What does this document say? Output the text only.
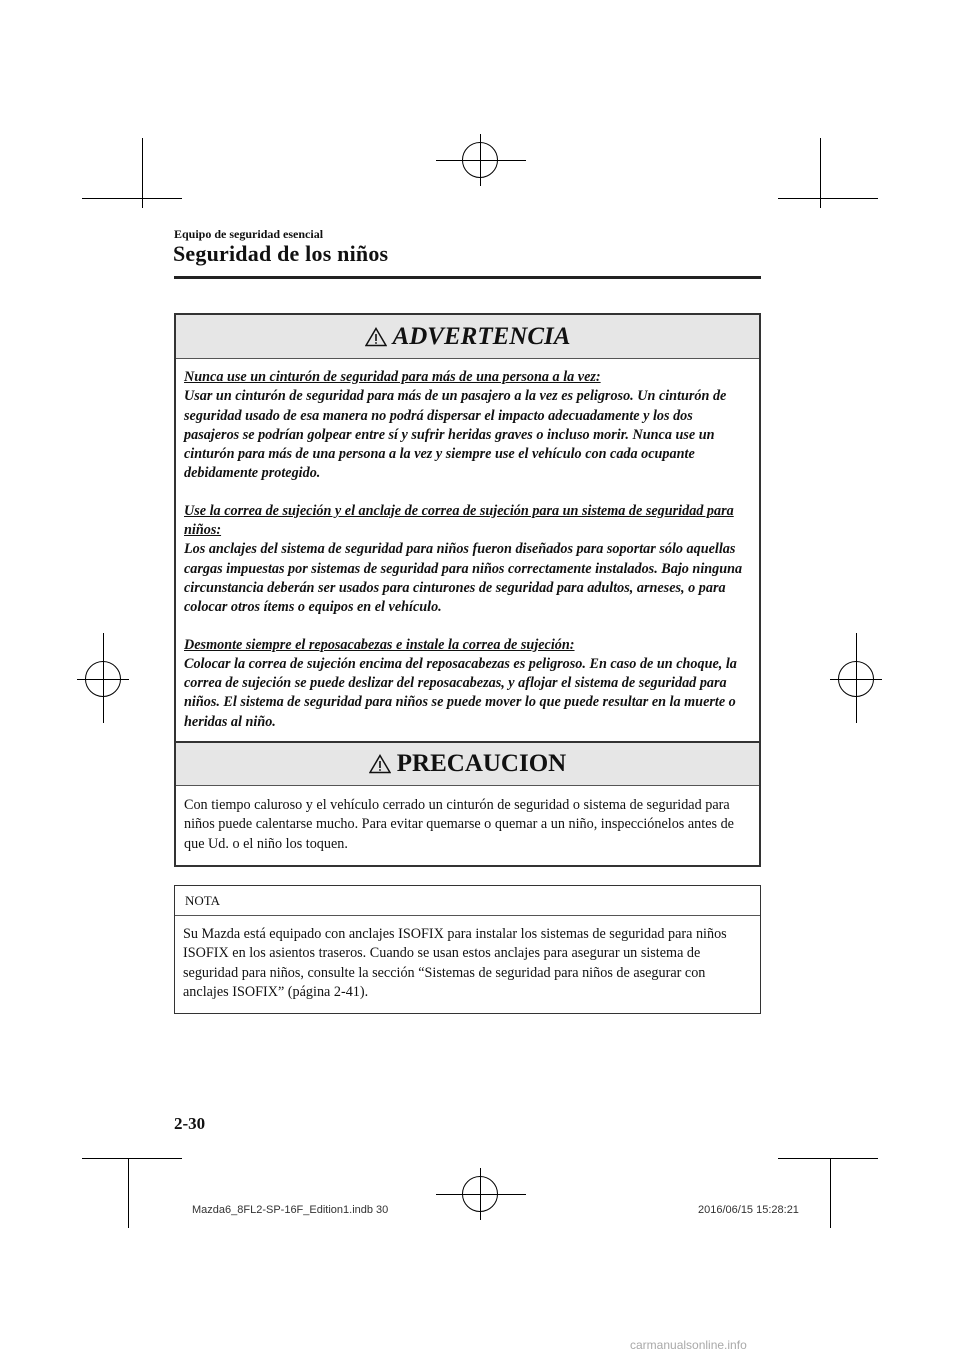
Equipo de seguridad esencial
Seguridad de los niños
ADVERTENCIA
Nunca use un cinturón de seguridad para más de una persona a la vez:
Usar un cinturón de seguridad para más de un pasajero a la vez es peligroso. Un cinturón de seguridad usado de esa manera no podrá dispersar el impacto adecuadamente y los dos pasajeros se podrían golpear entre sí y sufrir heridas graves o incluso morir. Nunca use un cinturón para más de una persona a la vez y siempre use el vehículo con cada ocupante debidamente protegido.
Use la correa de sujeción y el anclaje de correa de sujeción para un sistema de seguridad para niños:
Los anclajes del sistema de seguridad para niños fueron diseñados para soportar sólo aquellas cargas impuestas por sistemas de seguridad para niños correctamente instalados. Bajo ninguna circunstancia deberán ser usados para cinturones de seguridad para adultos, arneses, o para colocar otros ítems o equipos en el vehículo.
Desmonte siempre el reposacabezas e instale la correa de sujeción:
Colocar la correa de sujeción encima del reposacabezas es peligroso. En caso de un choque, la correa de sujeción se puede deslizar del reposacabezas, y aflojar el sistema de seguridad para niños. El sistema de seguridad para niños se puede mover lo que puede resultar en la muerte o heridas al niño.
PRECAUCION
Con tiempo caluroso y el vehículo cerrado un cinturón de seguridad o sistema de seguridad para niños puede calentarse mucho. Para evitar quemarse o quemar a un niño, inspecciónelos antes de que Ud. o el niño los toquen.
NOTA
Su Mazda está equipado con anclajes ISOFIX para instalar los sistemas de seguridad para niños ISOFIX en los asientos traseros. Cuando se usan estos anclajes para asegurar un sistema de seguridad para niños, consulte la sección “Sistemas de seguridad para niños de asegurar con anclajes ISOFIX” (página 2-41).
2-30
Mazda6_8FL2-SP-16F_Edition1.indb 30	2016/06/15 15:28:21
carmanualsonline.info
